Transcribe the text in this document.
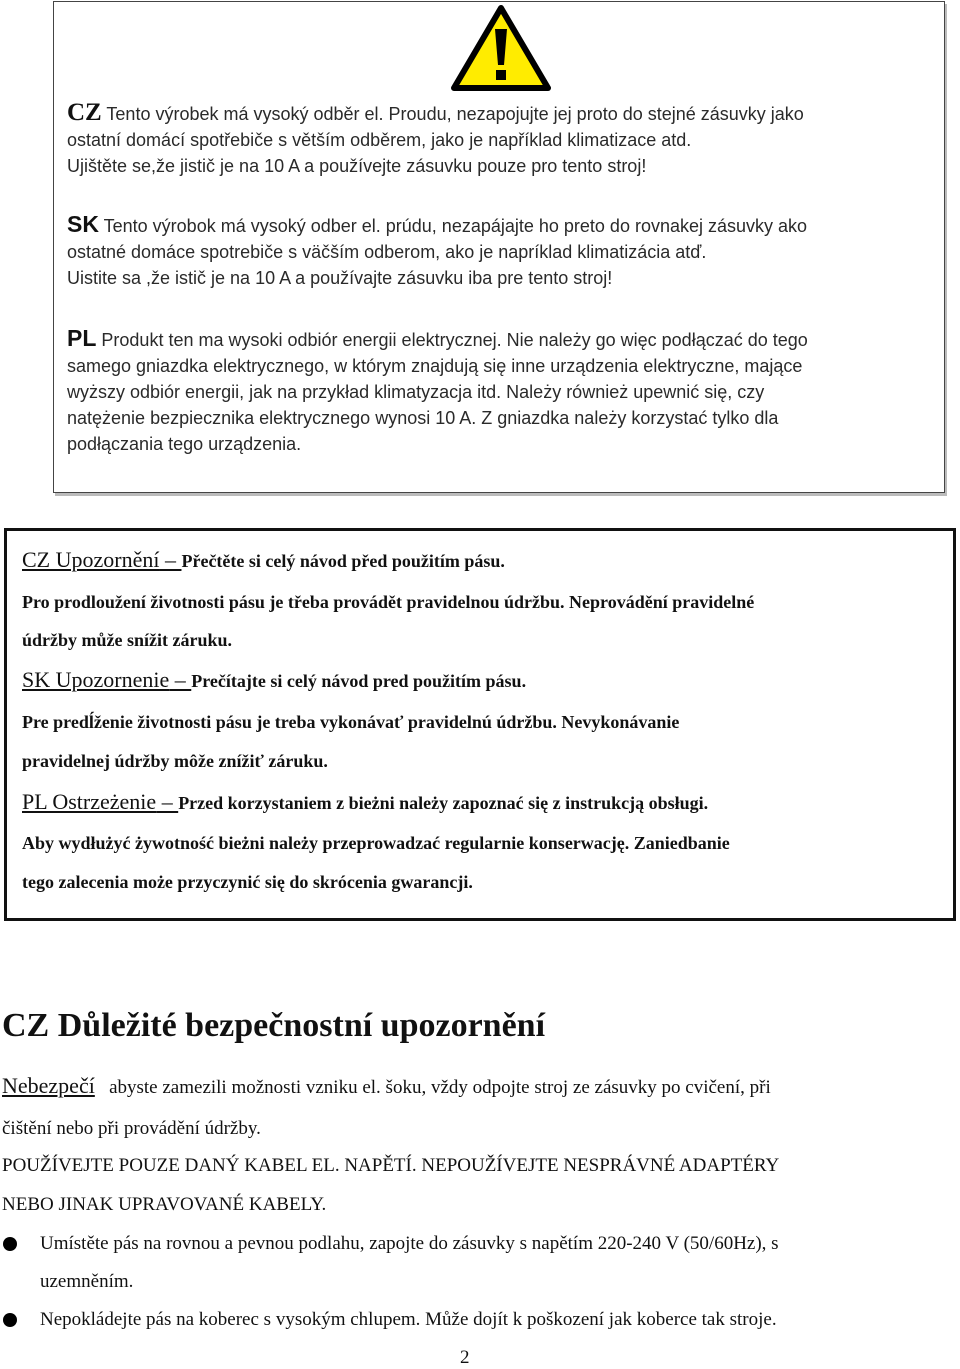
CZ Tento výrobek má vysoký odběr el. Proudu, nezapojujte jej proto do stejné zásuvky jako

ostatní domácí spotřebiče s větším odběrem, jako je například klimatizace atd.

Ujištěte se,že jistič je na 10 A a používejte zásuvku pouze pro tento stroj!

SK Tento výrobok má vysoký odber el. prúdu, nezapájajte ho preto do rovnakej zásuvky ako

ostatné domáce spotrebiče s väčším odberom, ako je napríklad klimatizácia atď.

Uistite sa ,že istič je na 10 A a používajte zásuvku iba pre tento stroj!

PL Produkt ten ma wysoki odbiór energii elektrycznej. Nie należy go więc podłączać do tego

samego gniazdka elektrycznego, w którym znajdują się inne urządzenia elektryczne, mające

wyższy odbiór energii, jak na przykład klimatyzacja itd. Należy również upewnić się, czy

natężenie bezpiecznika elektrycznego wynosi 10 A. Z gniazdka należy korzystać tylko dla

podłączania tego urządzenia.

CZ Upozornění – Přečtěte si celý návod před použitím pásu.
Pro prodloužení životnosti pásu je třeba provádět pravidelnou údržbu. Neprovádění pravidelné
údržby může snížit záruku.
SK Upozornenie – Prečítajte si celý návod pred použitím pásu.
Pre predĺženie životnosti pásu je treba vykonávať pravidelnú údržbu. Nevykonávanie
pravidelnej údržby môže znížiť záruku.
PL Ostrzeżenie – Przed korzystaniem z bieżni należy zapoznać się z instrukcją obsługi.
Aby wydłużyć żywotność bieżni należy przeprowadzać regularnie konserwację. Zaniedbanie
tego zalecenia może przyczynić się do skrócenia gwarancji.
CZ Důležité bezpečnostní upozornění
Nebezpečí abyste zamezili možnosti vzniku el. šoku, vždy odpojte stroj ze zásuvky po cvičení, při
čištění nebo při provádění údržby.
POUŽÍVEJTE POUZE DANÝ KABEL EL. NAPĚTÍ. NEPOUŽÍVEJTE NESPRÁVNÉ ADAPTÉRY
NEBO JINAK UPRAVOVANÉ KABELY.
Umístěte pás na rovnou a pevnou podlahu, zapojte do zásuvky s napětím 220-240 V (50/60Hz), s
uzemněním.
Nepokládejte pás na koberec s vysokým chlupem. Může dojít k poškození jak koberce tak stroje.
2
